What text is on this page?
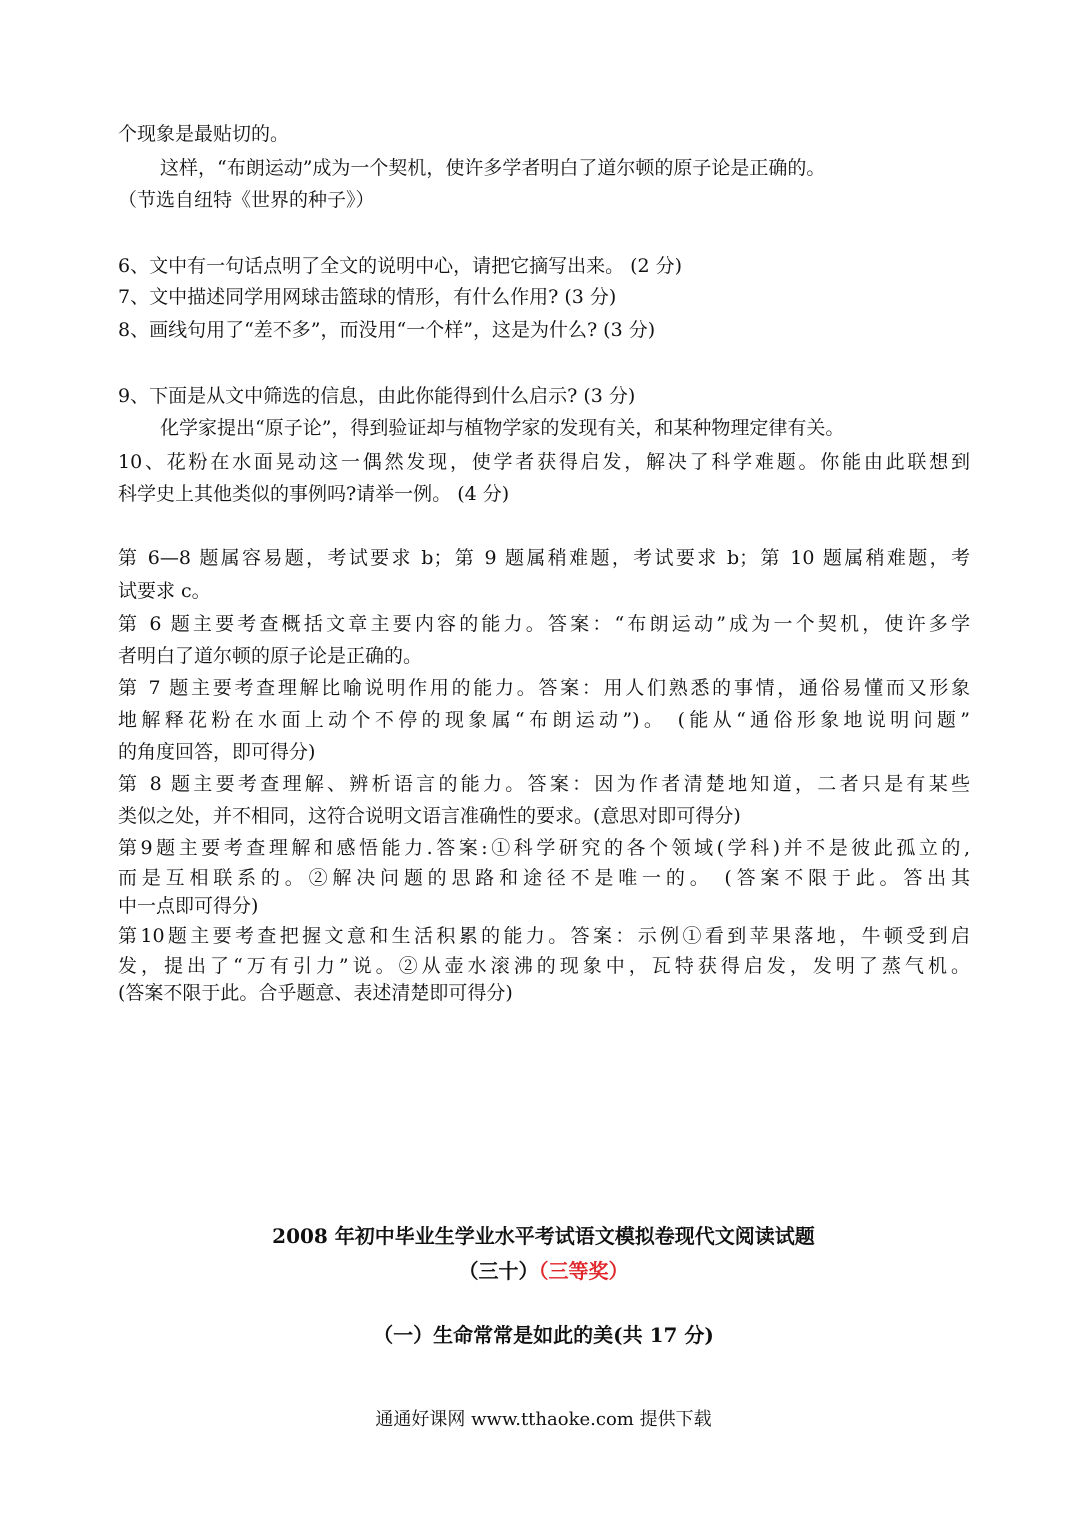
个现象是最贴切的。
这样，“布朗运动”成为一个契机，使许多学者明白了道尔顿的原子论是正确的。
（节选自纽特《世界的种子》）
6、文中有一句话点明了全文的说明中心，请把它摘写出来。 (2 分)
7、文中描述同学用网球击篮球的情形，有什么作用? (3 分)
8、画线句用了“差不多”，而没用“一个样”，这是为什么? (3 分)
9、下面是从文中筛选的信息，由此你能得到什么启示? (3 分)
化学家提出“原子论”，得到验证却与植物学家的发现有关，和某种物理定律有关。
10、花粉在水面晃动这一偶然发现，使学者获得启发，解决了科学难题。你能由此联想到
科学史上其他类似的事例吗?请举一例。 (4 分)
第 6—8 题属容易题，考试要求 b；第 9 题属稍难题，考试要求 b；第 10 题属稍难题，考
试要求 c。
第 6 题主要考查概括文章主要内容的能力。答案：“布朗运动”成为一个契机，使许多学
者明白了道尔顿的原子论是正确的。
第 7 题主要考查理解比喻说明作用的能力。答案：用人们熟悉的事情，通俗易懂而又形象
地解释花粉在水面上动个不停的现象属“布朗运动”)。 (能从“通俗形象地说明问题”
的角度回答，即可得分)
第 8 题主要考查理解、辨析语言的能力。答案：因为作者清楚地知道，二者只是有某些
类似之处，并不相同，这符合说明文语言准确性的要求。(意思对即可得分)
第9题主要考查理解和感悟能力.答案:①科学研究的各个领域(学科)并不是彼此孤立的,
而是互相联系的。②解决问题的思路和途径不是唯一的。 (答案不限于此。答出其
中一点即可得分)
第10题主要考查把握文意和生活积累的能力。答案：示例①看到苹果落地，牛顿受到启
发，提出了“万有引力”说。②从壶水滚沸的现象中，瓦特获得启发，发明了蒸气机。
(答案不限于此。合乎题意、表述清楚即可得分)
2008 年初中毕业生学业水平考试语文模拟卷现代文阅读试题
（三十）（三等奖）
（一）生命常常是如此的美(共 17 分)
通通好课网 www.tthaoke.com 提供下载
